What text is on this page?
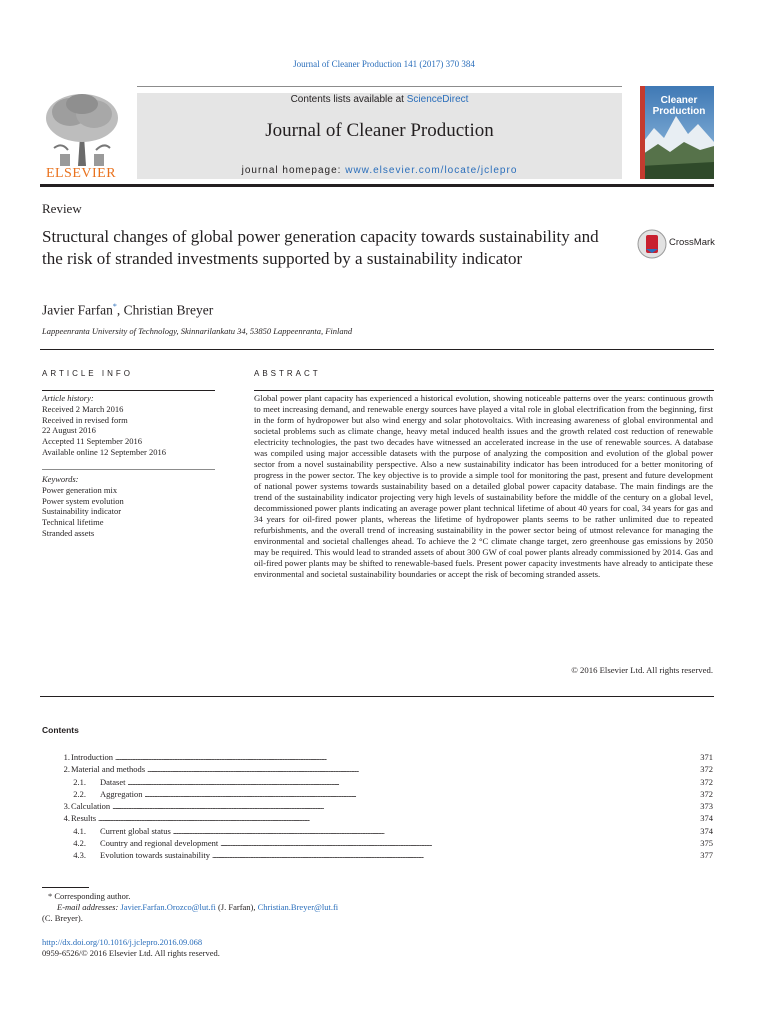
Journal of Cleaner Production 141 (2017) 370 384
ELSEVIER
Contents lists available at ScienceDirect
Journal of Cleaner Production
journal homepage: www.elsevier.com/locate/jclepro
Cleaner
Production
Review
Structural changes of global power generation capacity towards sustainability and the risk of stranded investments supported by a sustainability indicator
CrossMark
Javier Farfan*, Christian Breyer
Lappeenranta University of Technology, Skinnarilankatu 34, 53850 Lappeenranta, Finland
ARTICLE INFO
Article history:
Received 2 March 2016
Received in revised form
22 August 2016
Accepted 11 September 2016
Available online 12 September 2016
Keywords:
Power generation mix
Power system evolution
Sustainability indicator
Technical lifetime
Stranded assets
ABSTRACT
Global power plant capacity has experienced a historical evolution, showing noticeable patterns over the years: continuous growth to meet increasing demand, and renewable energy sources have played a vital role in global electrification from the beginning, first in the form of hydropower but also wind energy and solar photovoltaics. With increasing awareness of global environmental and societal problems such as climate change, heavy metal induced health issues and the growth related cost reduction of renewable electricity technologies, the past two decades have witnessed an accelerated increase in the use of renewable sources. A database was compiled using major accessible datasets with the purpose of analyzing the composition and evolution of the global power sector from a novel sustainability perspective. Also a new sustainability indicator has been introduced for a better monitoring of progress in the power sector. The key objective is to provide a simple tool for monitoring the past, present and future development of national power systems towards sustainability based on a detailed global power capacity database. The main findings are the trend of the sustainability indicator projecting very high levels of sustainability before the middle of the century on a global level, decommissioned power plants indicating an average power plant technical lifetime of about 40 years for coal, 34 years for gas and 34 years for oil-fired power plants, whereas the lifetime of hydropower plants seems to be rather unlimited due to repeated refurbishments, and the overall trend of increasing sustainability in the power sector being of utmost relevance for managing the environmental and societal challenges ahead. To achieve the 2 °C climate change target, zero greenhouse gas emissions by 2050 may be required. This would lead to stranded assets of about 300 GW of coal power plants already commissioned by 2014. Gas and oil-fired power plants may be shifted to renewable-based fuels. Present power capacity investments have already to anticipate these environmental and societal sustainability boundaries or accept the risk of becoming stranded assets.
© 2016 Elsevier Ltd. All rights reserved.
Contents
1. Introduction . . .	371
2. Material and methods . . .	372
2.1.	Dataset . . .	372
2.2.	Aggregation . . .	372
3. Calculation . . .	373
4. Results . . .	374
4.1.	Current global status . . .	374
4.2.	Country and regional development . . .	375
4.3.	Evolution towards sustainability . . .	377
* Corresponding author.
E-mail addresses: Javier.Farfan.Orozco@lut.fi (J. Farfan), Christian.Breyer@lut.fi
(C. Breyer).
http://dx.doi.org/10.1016/j.jclepro.2016.09.068
0959-6526/© 2016 Elsevier Ltd. All rights reserved.
